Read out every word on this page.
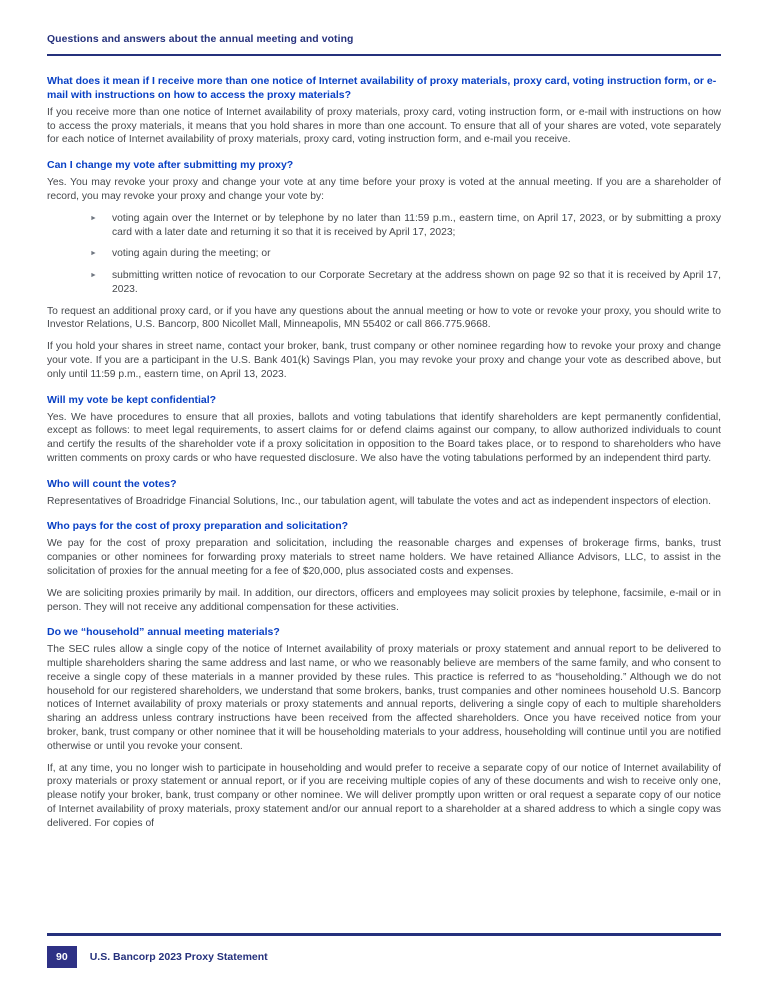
Questions and answers about the annual meeting and voting
What does it mean if I receive more than one notice of Internet availability of proxy materials, proxy card, voting instruction form, or e-mail with instructions on how to access the proxy materials?

If you receive more than one notice of Internet availability of proxy materials, proxy card, voting instruction form, or e-mail with instructions on how to access the proxy materials, it means that you hold shares in more than one account. To ensure that all of your shares are voted, vote separately for each notice of Internet availability of proxy materials, proxy card, voting instruction form, and e-mail you receive.

Can I change my vote after submitting my proxy?

Yes. You may revoke your proxy and change your vote at any time before your proxy is voted at the annual meeting. If you are a shareholder of record, you may revoke your proxy and change your vote by:

►	voting again over the Internet or by telephone by no later than 11:59 p.m., eastern time, on April 17, 2023, or by submitting a proxy card with a later date and returning it so that it is received by April 17, 2023;
►	voting again during the meeting; or
►	submitting written notice of revocation to our Corporate Secretary at the address shown on page 92 so that it is received by April 17, 2023.

To request an additional proxy card, or if you have any questions about the annual meeting or how to vote or revoke your proxy, you should write to Investor Relations, U.S. Bancorp, 800 Nicollet Mall, Minneapolis, MN 55402 or call 866.775.9668.

If you hold your shares in street name, contact your broker, bank, trust company or other nominee regarding how to revoke your proxy and change your vote. If you are a participant in the U.S. Bank 401(k) Savings Plan, you may revoke your proxy and change your vote as described above, but only until 11:59 p.m., eastern time, on April 13, 2023.

Will my vote be kept confidential?

Yes. We have procedures to ensure that all proxies, ballots and voting tabulations that identify shareholders are kept permanently confidential, except as follows: to meet legal requirements, to assert claims for or defend claims against our company, to allow authorized individuals to count and certify the results of the shareholder vote if a proxy solicitation in opposition to the Board takes place, or to respond to shareholders who have written comments on proxy cards or who have requested disclosure. We also have the voting tabulations performed by an independent third party.

Who will count the votes?

Representatives of Broadridge Financial Solutions, Inc., our tabulation agent, will tabulate the votes and act as independent inspectors of election.

Who pays for the cost of proxy preparation and solicitation?

We pay for the cost of proxy preparation and solicitation, including the reasonable charges and expenses of brokerage firms, banks, trust companies or other nominees for forwarding proxy materials to street name holders. We have retained Alliance Advisors, LLC, to assist in the solicitation of proxies for the annual meeting for a fee of $20,000, plus associated costs and expenses.

We are soliciting proxies primarily by mail. In addition, our directors, officers and employees may solicit proxies by telephone, facsimile, e-mail or in person. They will not receive any additional compensation for these activities.

Do we “household” annual meeting materials?

The SEC rules allow a single copy of the notice of Internet availability of proxy materials or proxy statement and annual report to be delivered to multiple shareholders sharing the same address and last name, or who we reasonably believe are members of the same family, and who consent to receive a single copy of these materials in a manner provided by these rules. This practice is referred to as “householding.” Although we do not household for our registered shareholders, we understand that some brokers, banks, trust companies and other nominees household U.S. Bancorp notices of Internet availability of proxy materials or proxy statements and annual reports, delivering a single copy of each to multiple shareholders sharing an address unless contrary instructions have been received from the affected shareholders. Once you have received notice from your broker, bank, trust company or other nominee that it will be householding materials to your address, householding will continue until you are notified otherwise or until you revoke your consent.

If, at any time, you no longer wish to participate in householding and would prefer to receive a separate copy of our notice of Internet availability of proxy materials or proxy statement or annual report, or if you are receiving multiple copies of any of these documents and wish to receive only one, please notify your broker, bank, trust company or other nominee. We will deliver promptly upon written or oral request a separate copy of our notice of Internet availability of proxy materials, proxy statement and/or our annual report to a shareholder at a shared address to which a single copy was delivered. For copies of

90	U.S. Bancorp 2023 Proxy Statement
